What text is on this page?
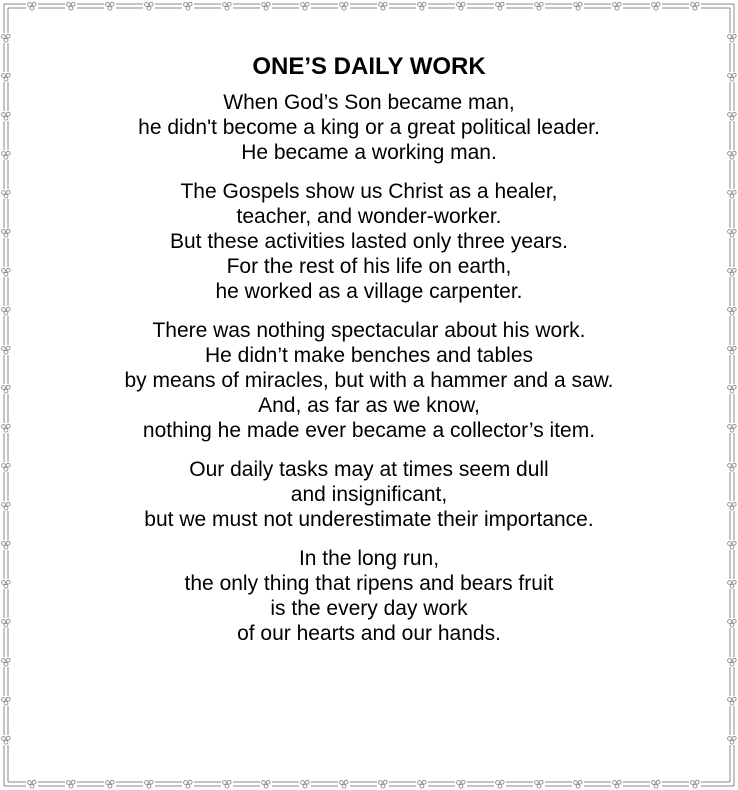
ONE’S DAILY WORK
When God’s Son became man,
he didn't become a king or a great political leader.
He became a working man.
The Gospels show us Christ as a healer,
teacher, and wonder-worker.
But these activities lasted only three years.
For the rest of his life on earth,
he worked as a village carpenter.
There was nothing spectacular about his work.
He didn’t make benches and tables
by means of miracles, but with a hammer and a saw.
And, as far as we know,
nothing he made ever became a collector’s item.
Our daily tasks may at times seem dull
and insignificant,
but we must not underestimate their importance.
In the long run,
the only thing that ripens and bears fruit
is the every day work
of our hearts and our hands.
